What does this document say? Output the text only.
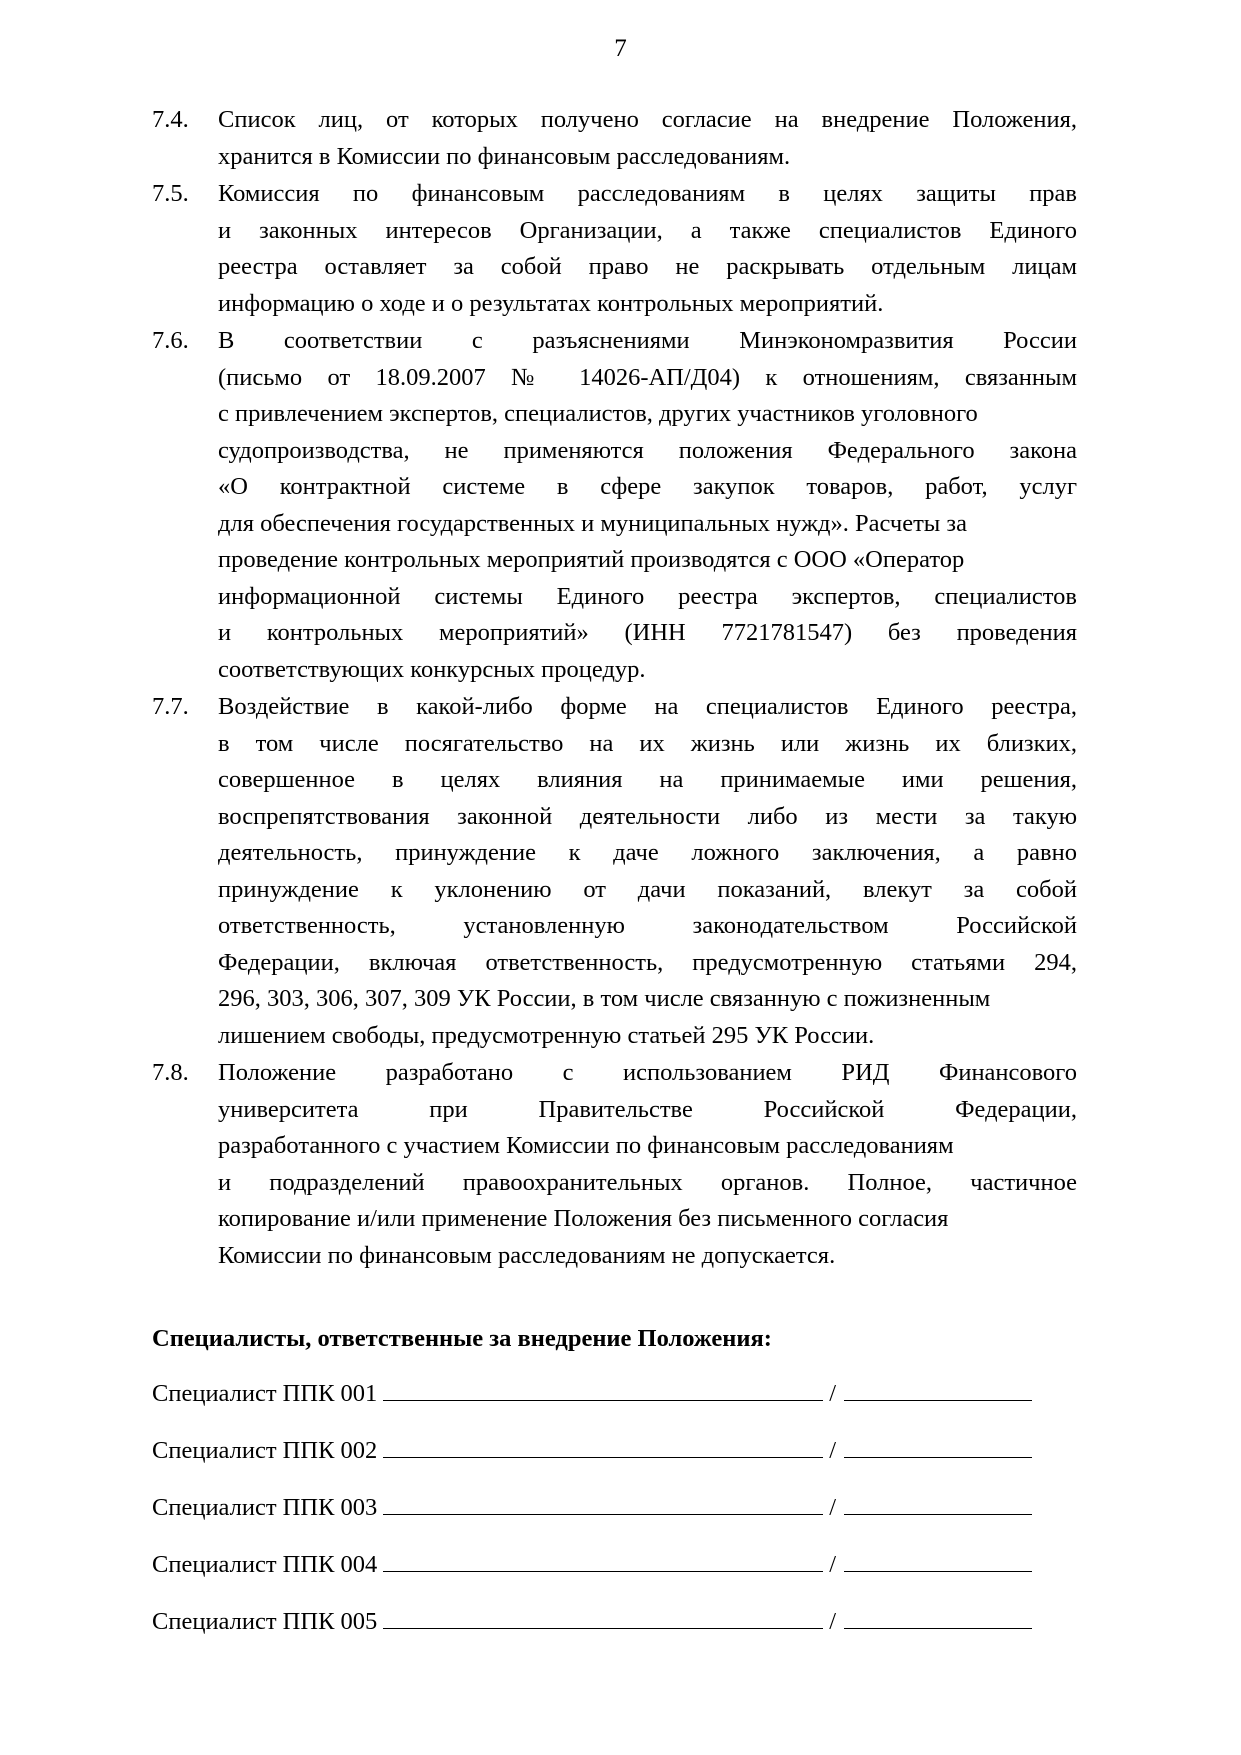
7
7.4.	Список лиц, от которых получено согласие на внедрение Положения,
хранится в Комиссии по финансовым расследованиям.
7.5.	Комиссия по финансовым расследованиям в целях защиты прав
и законных интересов Организации, а также специалистов Единого
реестра оставляет за собой право не раскрывать отдельным лицам
информацию о ходе и о результатах контрольных мероприятий.
7.6.	В соответствии с разъяснениями Минэкономразвития России
(письмо от 18.09.2007 № 14026-АП/Д04) к отношениям, связанным
с привлечением экспертов, специалистов, других участников уголовного
судопроизводства, не применяются положения Федерального закона
«О контрактной системе в сфере закупок товаров, работ, услуг
для обеспечения государственных и муниципальных нужд». Расчеты за
проведение контрольных мероприятий производятся с ООО «Оператор
информационной системы Единого реестра экспертов, специалистов
и контрольных мероприятий» (ИНН 7721781547) без проведения
соответствующих конкурсных процедур.
7.7.	Воздействие в какой-либо форме на специалистов Единого реестра,
в том числе посягательство на их жизнь или жизнь их близких,
совершенное в целях влияния на принимаемые ими решения,
воспрепятствования законной деятельности либо из мести за такую
деятельность, принуждение к даче ложного заключения, а равно
принуждение к уклонению от дачи показаний, влекут за собой
ответственность, установленную законодательством Российской
Федерации, включая ответственность, предусмотренную статьями 294,
296, 303, 306, 307, 309 УК России, в том числе связанную с пожизненным
лишением свободы, предусмотренную статьей 295 УК России.
7.8.	Положение разработано с использованием РИД Финансового
университета при Правительстве Российской Федерации,
разработанного с участием Комиссии по финансовым расследованиям
и подразделений правоохранительных органов. Полное, частичное
копирование и/или применение Положения без письменного согласия
Комиссии по финансовым расследованиям не допускается.
Специалисты, ответственные за внедрение Положения:
Специалист ППК 001	/
Специалист ППК 002	/
Специалист ППК 003	/
Специалист ППК 004	/
Специалист ППК 005	/
